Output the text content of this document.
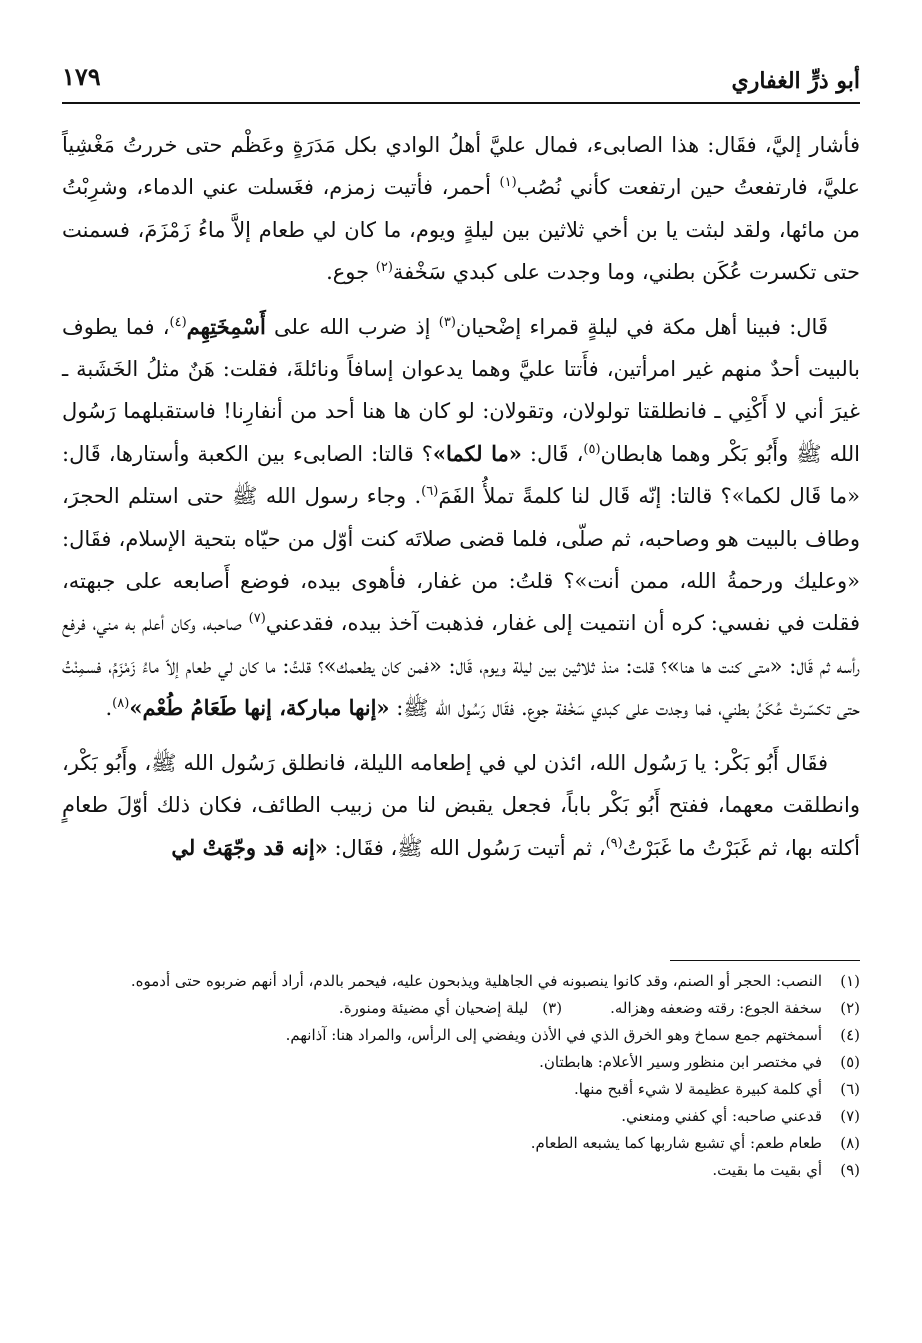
أبو ذرٍّ الغفاري
١٧٩

فأشار إليَّ، فقَال: هذا الصابىء، فمال عليَّ أهلُ الوادي بكل مَدَرَةٍ وعَظْم حتى خررتُ مَغْشِياً عليَّ، فارتفعتُ حين ارتفعت كأني نُصُب$^{(١)}$ أحمر، فأتيت زمزم، فغَسلت عني الدماء، وشرِبْتُ من مائها، ولقد لبثت يا بن أخي ثلاثين بين ليلةٍ ويوم، ما كان لي طعام إلاَّ ماءُ زَمْزَمَ، فسمنت حتى تكسرت عُكَن بطني، وما وجدت على كبدي سَخْفة$^{(٢)}$ جوع.

قَال: فبينا أهل مكة في ليلةٍ قمراء إضْحيان$^{(٣)}$ إذ ضرب الله على أَسْمِخَتِهِم$^{(٤)}$، فما يطوف بالبيت أحدٌ منهم غير امرأتين، فأَتتا عليَّ وهما يدعوان إسافاً ونائلةَ، فقلت: هَنٌ مثلُ الخَشَبة ـ غيرَ أني لا أَكْنِي ـ فانطلقتا تولولان، وتقولان: لو كان ها هنا أحد من أنفارِنا! فاستقبلهما رَسُول الله ﷺ وأَبُو بَكْر وهما هابطان$^{(٥)}$، قَال: «ما لكما»؟ قالتا: الصابىء بين الكعبة وأستارها، قَال: «ما قَال لكما»؟ قالتا: إنّه قَال لنا كلمةً تملأُ الفَمَ$^{(٦)}$. وجاء رسول الله ﷺ حتى استلم الحجرَ، وطاف بالبيت هو وصاحبه، ثم صلّى، فلما قضى صلاتَه كنت أوّل من حيّاه بتحية الإسلام، فقَال: «وعليك ورحمةُ الله، ممن أنت»؟ قلتُ: من غفار، فأهوى بيده، فوضع أَصابعه على جبهته، فقلت في نفسي: كره أن انتميت إلى غفار، فذهبت آخذ بيده، فقدعني$^{(٧)}$ صاحبه، وكان أعلم به مني، فرفع رأسه ثم قَال: «متى كنت ها هنا»؟ قلت: منذ ثلاثين بين ليلة ويوم، قَال: «فمن كان يطعمك»؟ قلتُ: ما كان لي طعام إلاّ ماءُ زَمْزَمُ، فسمِنْتُ حتى تكسّرتْ عُكَنُ بطني، فما وجدت على كبدي سَخْفة جوع. فقَال رَسُول الله ﷺ: «إنها مباركة، إنها طَعَامُ طُعْم»$^{(٨)}$.

فقَال أَبُو بَكْر: يا رَسُول الله، ائذن لي في إطعامه الليلة، فانطلق رَسُول الله ﷺ، وأَبُو بَكْر، وانطلقت معهما، ففتح أَبُو بَكْر باباً، فجعل يقبض لنا من زبيب الطائف، فكان ذلك أوّلَ طعامٍ أكلته بها، ثم غَبَرْتُ ما غَبَرْتُ$^{(٩)}$، ثم أتيت رَسُول الله ﷺ، فقَال: «إنه قد وجّهَتْ لي

(١)
النصب: الحجر أو الصنم، وقد كانوا ينصبونه في الجاهلية ويذبحون عليه، فيحمر بالدم، أراد أنهم ضربوه حتى أدموه.
(٢)
سخفة الجوع: رقته وضعفه وهزاله.
(٣)
ليلة إضحيان أي مضيئة ومنورة.
(٤)
أسمختهم جمع سماخ وهو الخرق الذي في الأذن ويفضي إلى الرأس، والمراد هنا: آذانهم.
(٥)
في مختصر ابن منظور وسير الأعلام: هابطتان.
(٦)
أي كلمة كبيرة عظيمة لا شيء أقبح منها.
(٧)
قدعني صاحبه: أي كفني ومنعني.
(٨)
طعام طعم: أي تشبع شاربها كما يشبعه الطعام.
(٩)
أي بقيت ما بقيت.
